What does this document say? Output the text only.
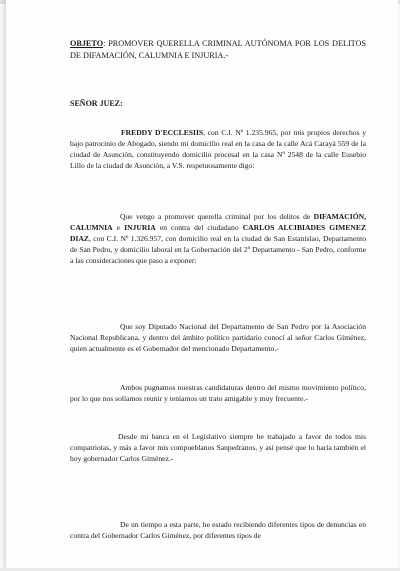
OBJETO: PROMOVER QUERELLA CRIMINAL AUTÓNOMA POR LOS DELITOS DE DIFAMACIÓN, CALUMNIA E INJURIA.-

SEÑOR JUEZ:

FREDDY D'ECCLESIIS, con C.I. Nº 1.235.965, por mis propios derechos y bajo patrocinio de Abogado, siendo mi domicilio real en la casa de la calle Acá Carayá 559 de la ciudad de Asunción, constituyendo domicilio procesal en la casa Nº 2548 de la calle Eusebio Lillo de la ciudad de Asunción, a V.S. respetuosamente digo:

Que vengo a promover querella criminal por los delitos de DIFAMACIÓN, CALUMNIA e INJURIA en contra del ciudadano CARLOS ALCIBIADES GIMENEZ DIAZ, con C.I. Nº 1.326.957, con domicilio real en la ciudad de San Estanislao, Departamento de San Pedro, y domicilio laboral en la Gobernación del 2º Departamento - San Pedro, conforme a las consideraciones que paso a exponer:

Que soy Diputado Nacional del Departamento de San Pedro por la Asociación Nacional Republicana, y dentro del ámbito político partidario conocí al señor Carlos Giménez, quien actualmente es el Gobernador del mencionado Departamento.-

Ambos pugnamos nuestras candidaturas dentro del mismo movimiento político, por lo que nos solíamos reunir y teníamos un trato amigable y muy frecuente.-

Desde mi banca en el Legislativo siempre he trabajado a favor de todos mis compatriotas, y más a favor mis compueblanos Sanpedranos, y así pensé que lo haría también el hoy gobernador Carlos Giménez.-

De un tiempo a esta parte, he estado recibiendo diferentes tipos de denuncias en contra del Gobernador Carlos Giménez, por diferentes tipos de
